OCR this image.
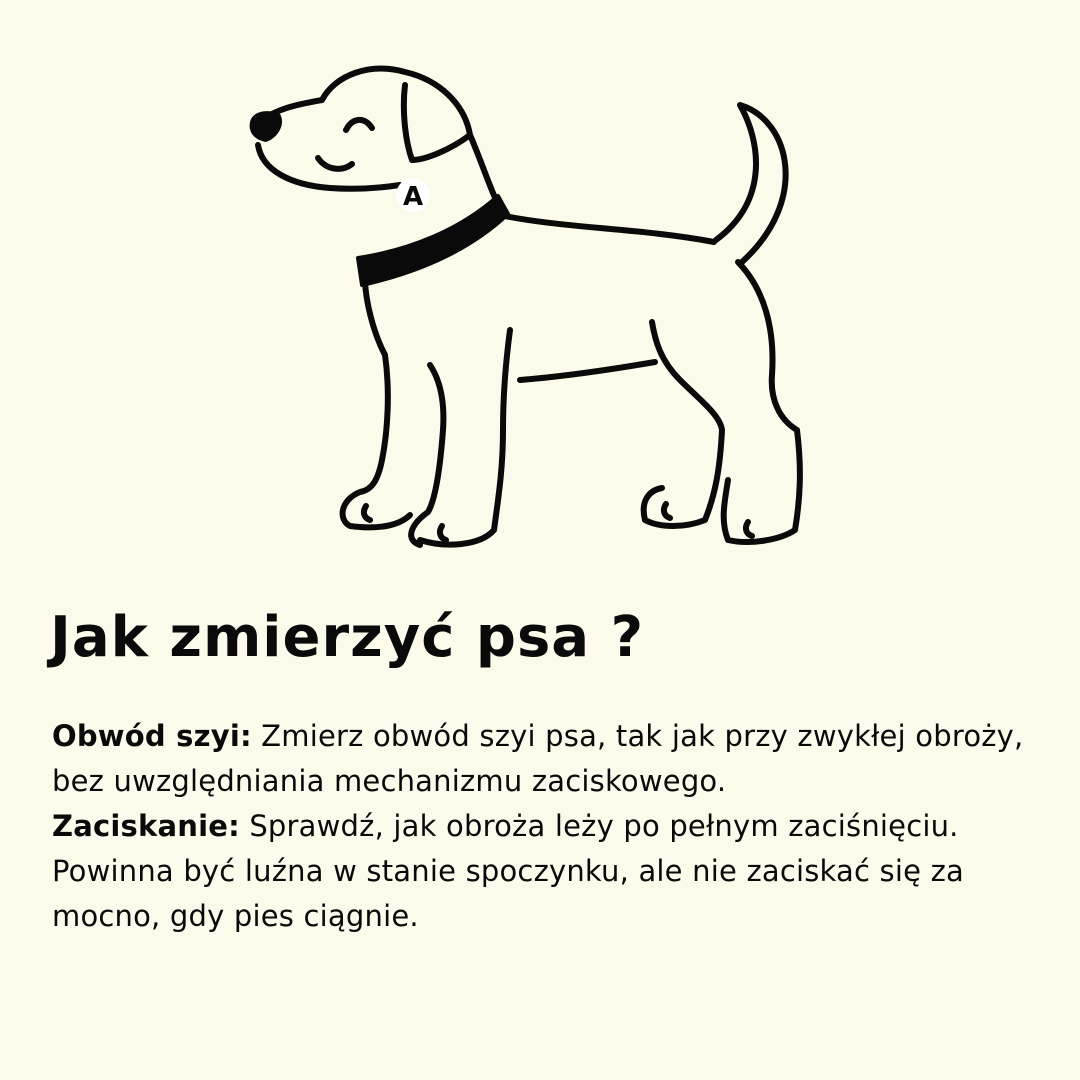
A
Jak zmierzyć psa ?

Obwód szyi: Zmierz obwód szyi psa, tak jak przy zwykłej obroży, bez uwzględniania mechanizmu zaciskowego.

Zaciskanie: Sprawdź, jak obroża leży po pełnym zaciśnięciu. Powinna być luźna w stanie spoczynku, ale nie zaciskać się za mocno, gdy pies ciągnie.
